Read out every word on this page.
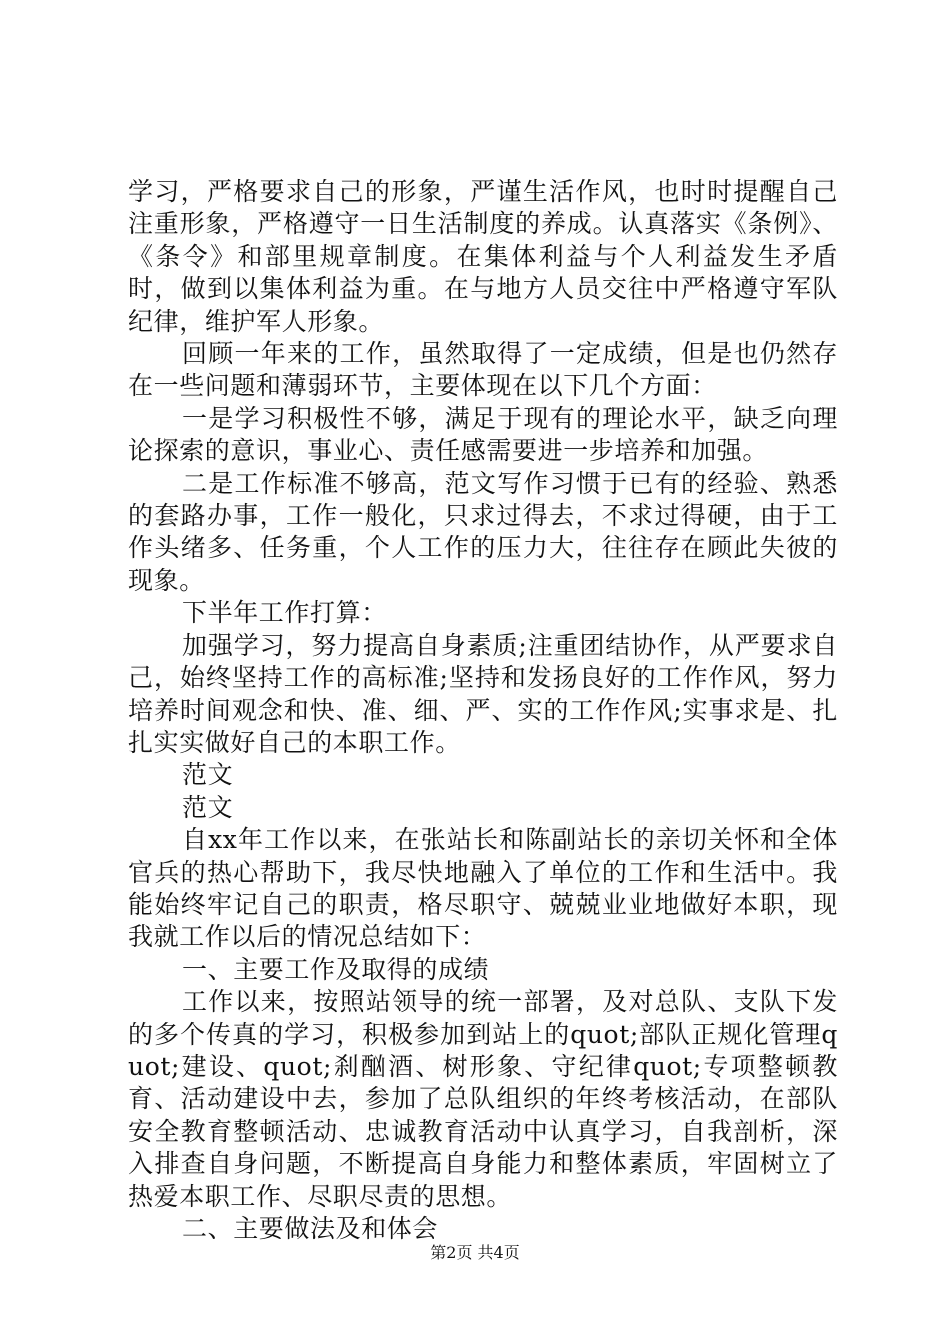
学习，严格要求自己的形象，严谨生活作风，也时时提醒自己注重形象，严格遵守一日生活制度的养成。认真落实《条例》、《条令》和部里规章制度。在集体利益与个人利益发生矛盾时，做到以集体利益为重。在与地方人员交往中严格遵守军队纪律，维护军人形象。

回顾一年来的工作，虽然取得了一定成绩，但是也仍然存在一些问题和薄弱环节，主要体现在以下几个方面：

一是学习积极性不够，满足于现有的理论水平，缺乏向理论探索的意识，事业心、责任感需要进一步培养和加强。

二是工作标准不够高，范文写作习惯于已有的经验、熟悉的套路办事，工作一般化，只求过得去，不求过得硬，由于工作头绪多、任务重，个人工作的压力大，往往存在顾此失彼的现象。

下半年工作打算：

加强学习，努力提高自身素质;注重团结协作，从严要求自己，始终坚持工作的高标准;坚持和发扬良好的工作作风，努力培养时间观念和快、准、细、严、实的工作作风;实事求是、扎扎实实做好自己的本职工作。

范文

范文

自xx年工作以来，在张站长和陈副站长的亲切关怀和全体官兵的热心帮助下，我尽快地融入了单位的工作和生活中。我能始终牢记自己的职责，格尽职守、兢兢业业地做好本职，现我就工作以后的情况总结如下：

一、主要工作及取得的成绩

工作以来，按照站领导的统一部署，及对总队、支队下发的多个传真的学习，积极参加到站上的quot;部队正规化管理quot;建设、quot;刹酗酒、树形象、守纪律quot;专项整顿教育、活动建设中去，参加了总队组织的年终考核活动，在部队安全教育整顿活动、忠诚教育活动中认真学习，自我剖析，深入排查自身问题，不断提高自身能力和整体素质，牢固树立了热爱本职工作、尽职尽责的思想。

二、主要做法及和体会

第2页 共4页
